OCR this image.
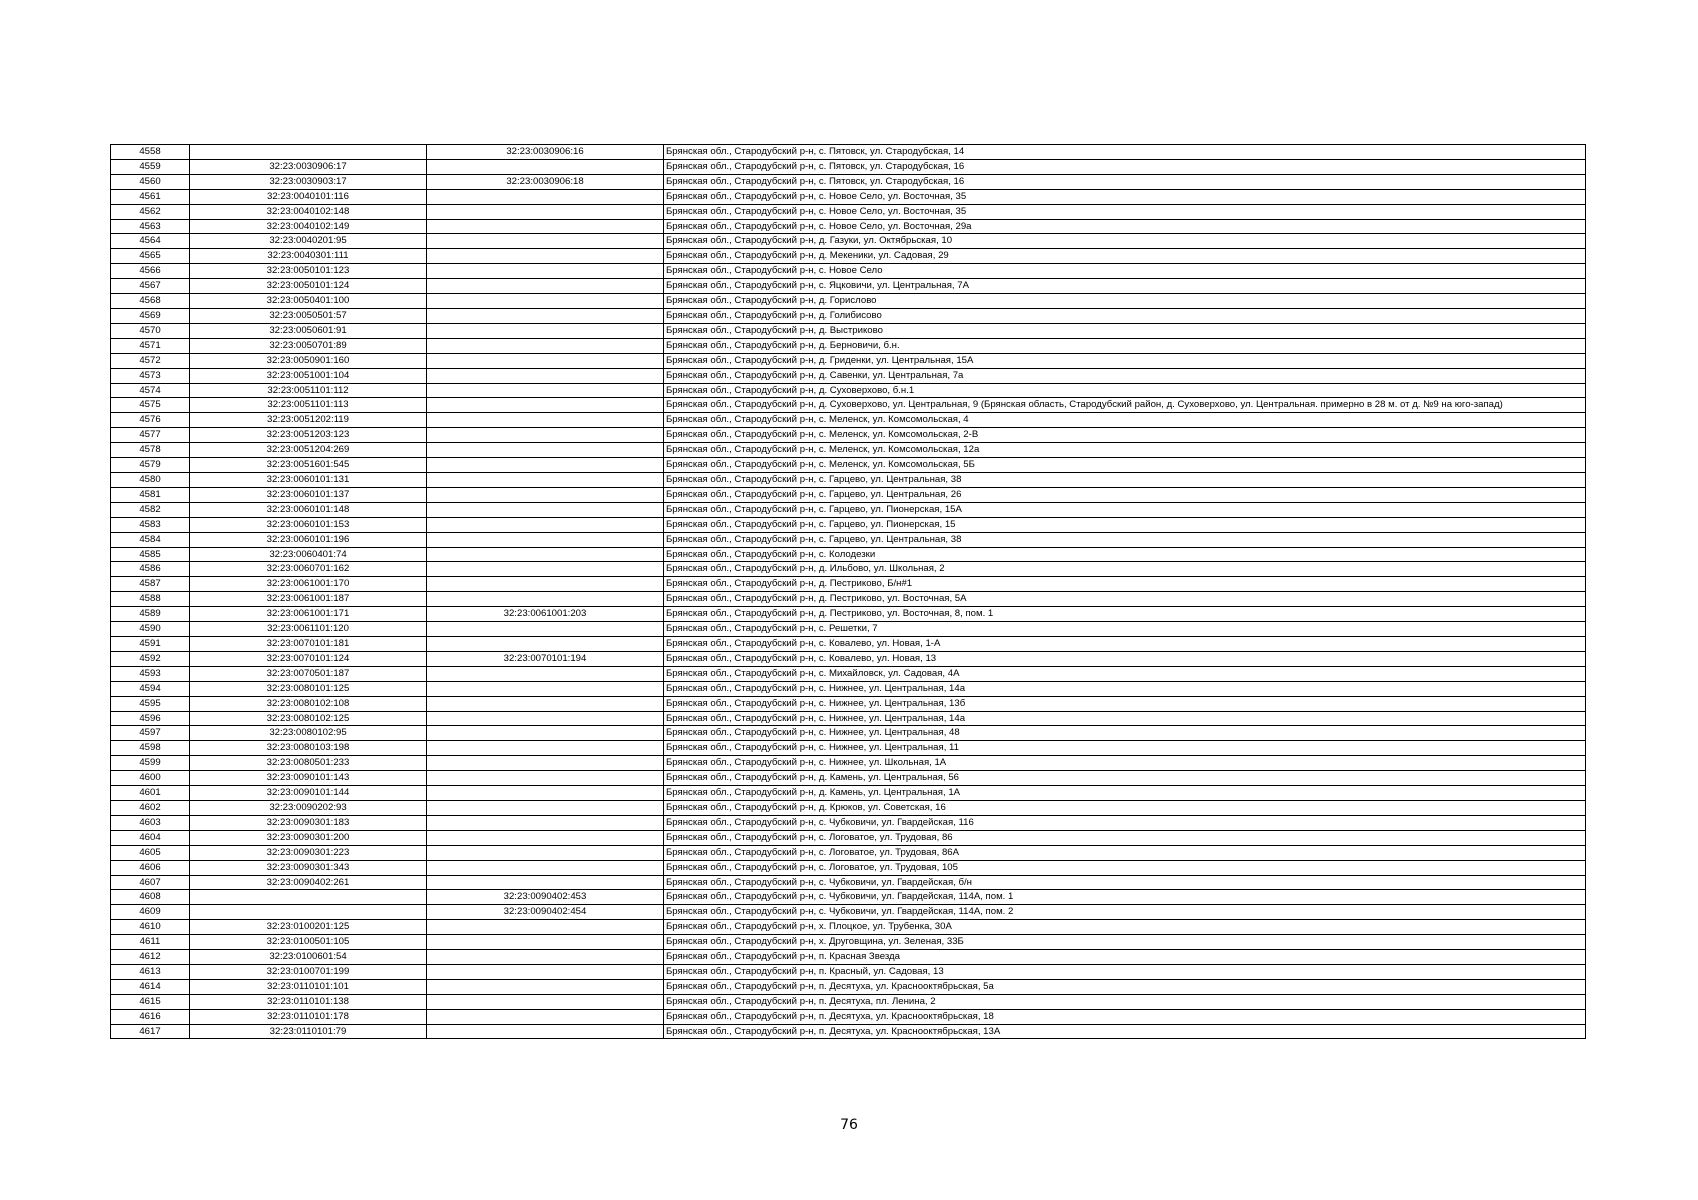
4558		32:23:0030906:16	Брянская обл., Стародубский р-н, с. Пятовск, ул. Стародубская, 14
4559	32:23:0030906:17		Брянская обл., Стародубский р-н, с. Пятовск, ул. Стародубская, 16
4560	32:23:0030903:17	32:23:0030906:18	Брянская обл., Стародубский р-н, с. Пятовск, ул. Стародубская, 16
4561	32:23:0040101:116		Брянская обл., Стародубский р-н, с. Новое Село, ул. Восточная, 35
4562	32:23:0040102:148		Брянская обл., Стародубский р-н, с. Новое Село, ул. Восточная, 35
4563	32:23:0040102:149		Брянская обл., Стародубский р-н, с. Новое Село, ул. Восточная, 29а
4564	32:23:0040201:95		Брянская обл., Стародубский р-н, д. Газуки, ул. Октябрьская, 10
4565	32:23:0040301:111		Брянская обл., Стародубский р-н, д. Мекеники, ул. Садовая, 29
4566	32:23:0050101:123		Брянская обл., Стародубский р-н, с. Новое Село
4567	32:23:0050101:124		Брянская обл., Стародубский р-н, с. Яцковичи, ул. Центральная, 7А
4568	32:23:0050401:100		Брянская обл., Стародубский р-н, д. Горислово
4569	32:23:0050501:57		Брянская обл., Стародубский р-н, д. Голибисово
4570	32:23:0050601:91		Брянская обл., Стародубский р-н, д. Выстриково
4571	32:23:0050701:89		Брянская обл., Стародубский р-н, д. Берновичи, б.н.
4572	32:23:0050901:160		Брянская обл., Стародубский р-н, д. Гриденки, ул. Центральная, 15А
4573	32:23:0051001:104		Брянская обл., Стародубский р-н, д. Савенки, ул. Центральная, 7а
4574	32:23:0051101:112		Брянская обл., Стародубский р-н, д. Суховерхово, б.н.1
4575	32:23:0051101:113		Брянская обл., Стародубский р-н, д. Суховерхово, ул. Центральная, 9 (Брянская область, Стародубский район, д. Суховерхово, ул. Центральная. примерно в 28 м. от д. №9 на юго-запад)
4576	32:23:0051202:119		Брянская обл., Стародубский р-н, с. Меленск, ул. Комсомольская, 4
4577	32:23:0051203:123		Брянская обл., Стародубский р-н, с. Меленск, ул. Комсомольская, 2-В
4578	32:23:0051204:269		Брянская обл., Стародубский р-н, с. Меленск, ул. Комсомольская, 12а
4579	32:23:0051601:545		Брянская обл., Стародубский р-н, с. Меленск, ул. Комсомольская, 5Б
4580	32:23:0060101:131		Брянская обл., Стародубский р-н, с. Гарцево, ул. Центральная, 38
4581	32:23:0060101:137		Брянская обл., Стародубский р-н, с. Гарцево, ул. Центральная, 26
4582	32:23:0060101:148		Брянская обл., Стародубский р-н, с. Гарцево, ул. Пионерская, 15А
4583	32:23:0060101:153		Брянская обл., Стародубский р-н, с. Гарцево, ул. Пионерская, 15
4584	32:23:0060101:196		Брянская обл., Стародубский р-н, с. Гарцево, ул. Центральная, 38
4585	32:23:0060401:74		Брянская обл., Стародубский р-н, с. Колодезки
4586	32:23:0060701:162		Брянская обл., Стародубский р-н, д. Ильбово, ул. Школьная, 2
4587	32:23:0061001:170		Брянская обл., Стародубский р-н, д. Пестриково, Б/н#1
4588	32:23:0061001:187		Брянская обл., Стародубский р-н, д. Пестриково, ул. Восточная, 5А
4589	32:23:0061001:171	32:23:0061001:203	Брянская обл., Стародубский р-н, д. Пестриково, ул. Восточная, 8, пом. 1
4590	32:23:0061101:120		Брянская обл., Стародубский р-н, с. Решетки, 7
4591	32:23:0070101:181		Брянская обл., Стародубский р-н, с. Ковалево, ул. Новая, 1-А
4592	32:23:0070101:124	32:23:0070101:194	Брянская обл., Стародубский р-н, с. Ковалево, ул. Новая, 13
4593	32:23:0070501:187		Брянская обл., Стародубский р-н, с. Михайловск, ул. Садовая, 4А
4594	32:23:0080101:125		Брянская обл., Стародубский р-н, с. Нижнее, ул. Центральная, 14а
4595	32:23:0080102:108		Брянская обл., Стародубский р-н, с. Нижнее, ул. Центральная, 13б
4596	32:23:0080102:125		Брянская обл., Стародубский р-н, с. Нижнее, ул. Центральная, 14а
4597	32:23:0080102:95		Брянская обл., Стародубский р-н, с. Нижнее, ул. Центральная, 48
4598	32:23:0080103:198		Брянская обл., Стародубский р-н, с. Нижнее, ул. Центральная, 11
4599	32:23:0080501:233		Брянская обл., Стародубский р-н, с. Нижнее, ул. Школьная, 1А
4600	32:23:0090101:143		Брянская обл., Стародубский р-н, д. Камень, ул. Центральная, 56
4601	32:23:0090101:144		Брянская обл., Стародубский р-н, д. Камень, ул. Центральная, 1А
4602	32:23:0090202:93		Брянская обл., Стародубский р-н, д. Крюков, ул. Советская, 16
4603	32:23:0090301:183		Брянская обл., Стародубский р-н, с. Чубковичи, ул. Гвардейская, 116
4604	32:23:0090301:200		Брянская обл., Стародубский р-н, с. Логоватое, ул. Трудовая, 86
4605	32:23:0090301:223		Брянская обл., Стародубский р-н, с. Логоватое, ул. Трудовая, 86А
4606	32:23:0090301:343		Брянская обл., Стародубский р-н, с. Логоватое, ул. Трудовая, 105
4607	32:23:0090402:261		Брянская обл., Стародубский р-н, с. Чубковичи, ул. Гвардейская, б/н
4608		32:23:0090402:453	Брянская обл., Стародубский р-н, с. Чубковичи, ул. Гвардейская, 114А, пом. 1
4609		32:23:0090402:454	Брянская обл., Стародубский р-н, с. Чубковичи, ул. Гвардейская, 114А, пом. 2
4610	32:23:0100201:125		Брянская обл., Стародубский р-н, х. Плоцкое, ул. Трубенка, 30А
4611	32:23:0100501:105		Брянская обл., Стародубский р-н, х. Друговщина, ул. Зеленая, 33Б
4612	32:23:0100601:54		Брянская обл., Стародубский р-н, п. Красная Звезда
4613	32:23:0100701:199		Брянская обл., Стародубский р-н, п. Красный, ул. Садовая, 13
4614	32:23:0110101:101		Брянская обл., Стародубский р-н, п. Десятуха, ул. Краснооктябрьская, 5а
4615	32:23:0110101:138		Брянская обл., Стародубский р-н, п. Десятуха, пл. Ленина, 2
4616	32:23:0110101:178		Брянская обл., Стародубский р-н, п. Десятуха, ул. Краснооктябрьская, 18
4617	32:23:0110101:79		Брянская обл., Стародубский р-н, п. Десятуха, ул. Краснооктябрьская, 13А
76
